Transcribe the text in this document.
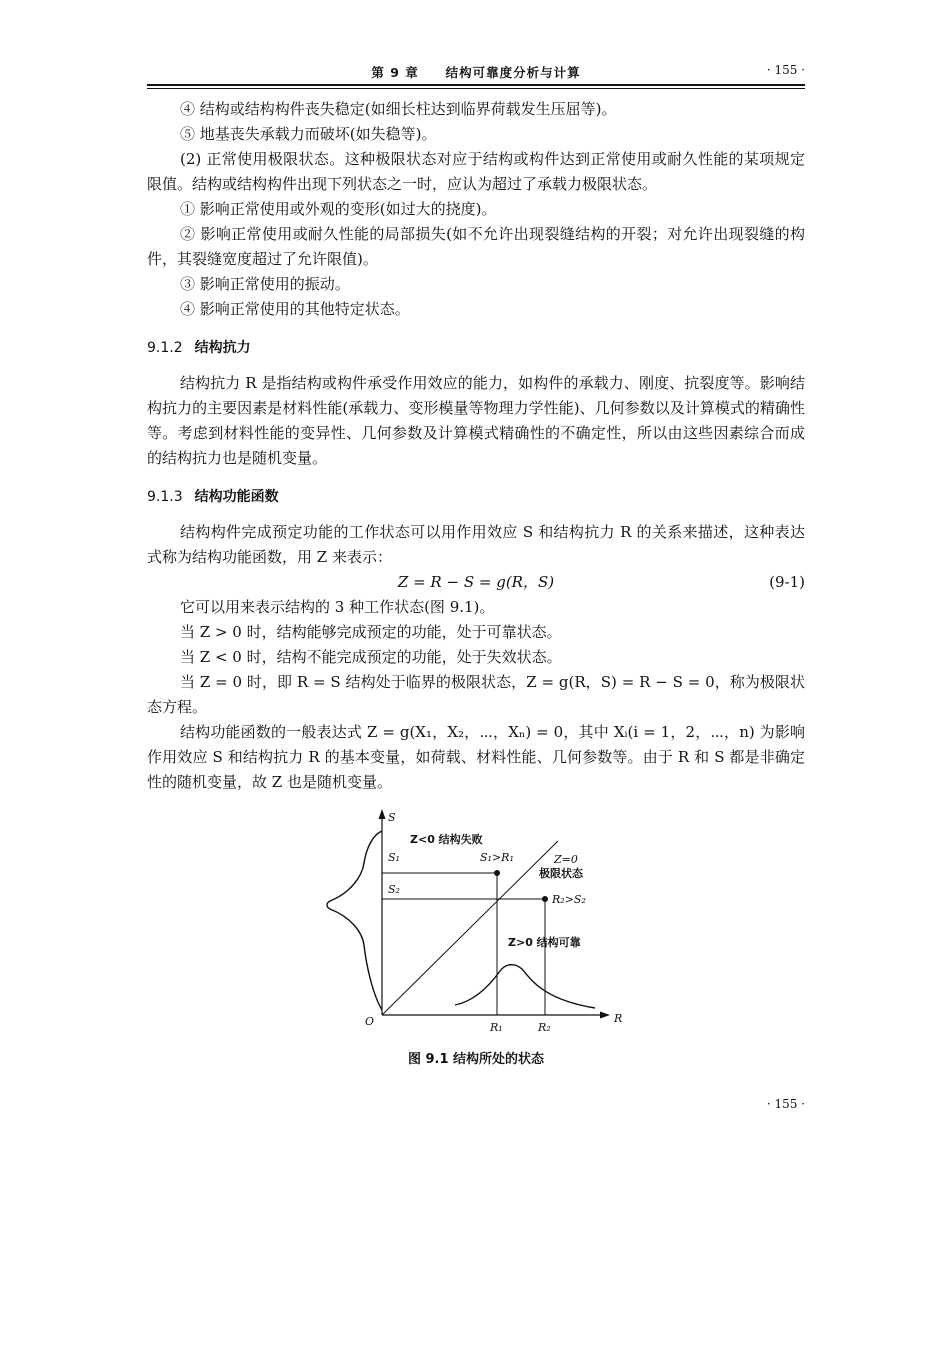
第 9 章 结构可靠度分析与计算	· 155 ·

④ 结构或结构构件丧失稳定(如细长柱达到临界荷载发生压屈等)。

⑤ 地基丧失承载力而破坏(如失稳等)。

(2) 正常使用极限状态。这种极限状态对应于结构或构件达到正常使用或耐久性能的某项规定限值。结构或结构构件出现下列状态之一时，应认为超过了承载力极限状态。

① 影响正常使用或外观的变形(如过大的挠度)。

② 影响正常使用或耐久性能的局部损失(如不允许出现裂缝结构的开裂；对允许出现裂缝的构件，其裂缝宽度超过了允许限值)。

③ 影响正常使用的振动。

④ 影响正常使用的其他特定状态。

9.1.2 结构抗力

结构抗力 R 是指结构或构件承受作用效应的能力，如构件的承载力、刚度、抗裂度等。影响结构抗力的主要因素是材料性能(承载力、变形模量等物理力学性能)、几何参数以及计算模式的精确性等。考虑到材料性能的变异性、几何参数及计算模式精确性的不确定性，所以由这些因素综合而成的结构抗力也是随机变量。

9.1.3 结构功能函数

结构构件完成预定功能的工作状态可以用作用效应 S 和结构抗力 R 的关系来描述，这种表达式称为结构功能函数，用 Z 来表示：

Z = R − S = g(R，S)	(9-1)

它可以用来表示结构的 3 种工作状态(图 9.1)。

当 Z > 0 时，结构能够完成预定的功能，处于可靠状态。

当 Z < 0 时，结构不能完成预定的功能，处于失效状态。

当 Z = 0 时，即 R = S 结构处于临界的极限状态，Z = g(R，S) = R − S = 0，称为极限状态方程。

结构功能函数的一般表达式 Z = g(X₁，X₂，⋯，Xₙ) = 0，其中 Xᵢ(i = 1，2，⋯，n) 为影响作用效应 S 和结构抗力 R 的基本变量，如荷载、材料性能、几何参数等。由于 R 和 S 都是非确定性的随机变量，故 Z 也是随机变量。

S
R
O
Z<0 结构失败
S₁
S₂
S₁>R₁	Z=0
极限状态
R₂>S₂
Z>0 结构可靠
R₁	R₂
图 9.1 结构所处的状态
· 155 ·
